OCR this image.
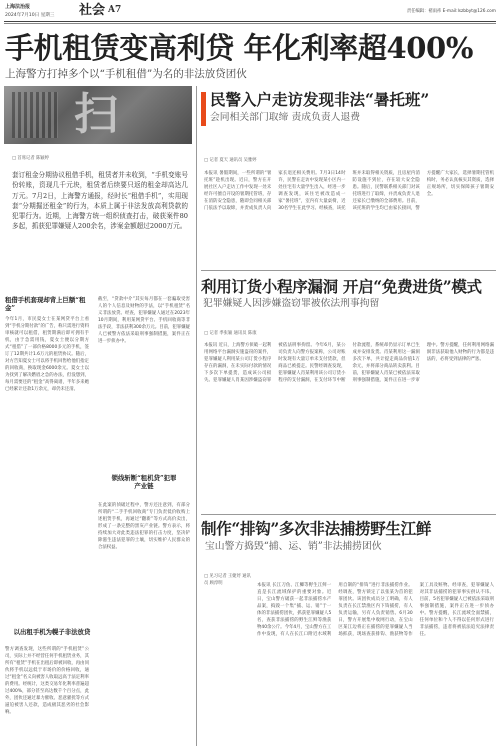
上海法治报
2024年7月10日 星期三 社会 A7	责任编辑：褚雨祎 E-mail:lszbbyt@126.com
手机租赁变高利贷 年化利率超400%
上海警方打掉多个以“手机租借”为名的非法放贷团伙
扫
□ 首席记者 陈颖婷
套订租金分期协议租借手机，租赁者并未收到，“手机变账号份转账，资现几千元块，租赁者后续要只返的租金却高达几万元。7月2日，上海警方通报，经时长“租借手机”，实用现套“分期掘还租金”的行为，本质上属于非法发放高利贷款的犯罪行为。近期，上海警方统一组织侦查打击，破获案件80多起，抓获犯罪嫌疑人200余名，涉案金额超过2000万元。
租借手机套现却背上巨额“租金”
今年1月，市民夏女士在某网贷平台上看到“手机分期付款”的广告，称只需进行资料审核就可以租借，租赁期满后即可拥有手机，由于急需用钱，夏女士便以分期方式“租借”了一部价格8000多元的手机，签订了12期共计1.6万元的租赁协议。随后，对方告知夏女士可以将手机回售给他们指定的回收商，换取现金6000余元。夏女士以为找到了解决燃眉之急的办法，但没想到，每月需要还的“租金”高得离谱，半年多来她已经累计还款1万余元，却仍未还清。
以出租手机为幌子非法放贷
警方调查发现，这些所谓的“手机租赁”公司，实际上并不经营任何手机租赁业务，其所有“租赁”手机在出租后即被回收，再由同伙将手机以远低于市场价的价格回收，通过“租金”名义向被害人收取远高于法定利率的费用。经统计，这类交易年化利率普遍超过400%，部分甚至高达数千个百分点，此外，团伙还通过暴力催收、恶意骚扰等方式逼迫被害人还款，造成极其恶劣的社会影响。
截至，“贷款中介”其实每月都在一套骗取受害人的个人信息及财物的手法，以“手机租赁”名义非法放贷。经查，犯罪嫌疑人通过在2023年10月期间，利用某网贷平台、手机回收商等非法手段，非法获利300余万元。目前，犯罪嫌疑人已被警方依法采取刑事强制措施，案件正在进一步侦办中。
锁线斩断“租机贷”犯罪产业链
在此案的侦破过程中，警方还注意到，有部分所谓的“二手手机回收商”专门负责低价收购上述租赁手机，再通过“翻新”等方式高价卖出，形成了一条完整的黑灰产业链。警方表示，将持续加大对此类违法犯罪的打击力度，坚决铲除滋生违法犯罪的土壤，切实维护人民群众的合法权益。
民警入户走访发现非法“暑托班”
会同相关部门取缔 责成负责人退费
□ 记者 夏天 通讯员 吴雅婷
本报讯 暑假期间，一些所谓的“暑托班”趁机出现。近日，警方在开展社区入户走访工作中发现一处未经许可擅自开设的暑期托管班，存在消防安全隐患，随即会同相关部门依法予以取缔，并责成负责人向家长退还相关费用。7月3日14时许，民警在走访中发现某小区内一处住宅有大量学生出入，经进一步调查发现，该住宅被改造成一家“暑托班”，室内有大量桌椅，近30名学生在此学习。经核查，该托班并未取得相关资质，且房屋内消防设施不到位，存在较大安全隐患。随后，民警联系相关部门对该托班进行了取缔，并责成负责人退还家长已缴纳的全部费用。目前，该托班的学生均已由家长接回，警方提醒广大家长，选择暑期托管机构时，务必认真核实其资质，选择正规场所，切实保障孩子暑期安全。
利用订货小程序漏洞 开启“免费进货”模式
犯罪嫌疑人因涉嫌盗窃罪被依法刑事拘留
□ 记者 季张颖 通讯员 陈康
本报讯 近日，上海警方侦破一起利用网络平台漏洞实施盗窃的案件，犯罪嫌疑人利用某公司订货小程序存在的漏洞，在未实际付款的情况下多次下单提货，造成该公司损失。犯罪嫌疑人肖某因涉嫌盗窃罪被依法刑事拘留。今年6月，某公司负责人向警方报案称，公司对账时发现有大量订单未支付货款，但商品已被提走。民警经调查发现，犯罪嫌疑人肖某利用该公司订货小程序的支付漏洞，在支付环节中断付款流程，系统却仍显示订单已生成并安排发货。肖某利用这一漏洞多次下单，共计提走商品价值1万余元，并将部分商品转卖获利。目前，犯罪嫌疑人肖某已被依法采取刑事强制措施，案件正在进一步审理中。警方提醒，任何利用网络漏洞非法获取他人财物的行为都是违法的，必将受到法律的严惩。
制作“排钩”多次非法捕捞野生江鲜
宝山警方捣毁“捕、运、销”非法捕捞团伙
□ 见习记者 王婕妤 通讯员 顾淳明	本报讯 长江刀鱼、江鲫等野生江鲜一直是长江流域保护的重要对象。近日，宝山警方破获一起非法捕捞水产品案，捣毁一个集“捕、运、销”于一体的非法捕捞团伙，抓获犯罪嫌疑人5名，查获非法捕捞的野生江鲜等渔获物40余公斤。今年4月，宝山警方在工作中发现，有人在长江口附近水域利用自制的“排钩”进行非法捕捞作业。经调查，警方锁定了以张某为首的犯罪团伙。该团伙成员分工明确，有人负责在长江禁渔区内下钩捕捞，有人负责运输，另有人负责销售。6月30日，警方开展集中收网行动，在宝山区某江边将正在捕捞的犯罪嫌疑人当场抓获，现场查获排钩、渔获物等作案工具及赃物。经审查，犯罪嫌疑人对其非法捕捞的犯罪事实供认不讳。目前，5名犯罪嫌疑人已被依法采取刑事强制措施，案件正在进一步侦办中。警方提醒，长江流域全面禁捕，任何单位和个人不得以任何形式进行非法捕捞，违者将被依法追究法律责任。
